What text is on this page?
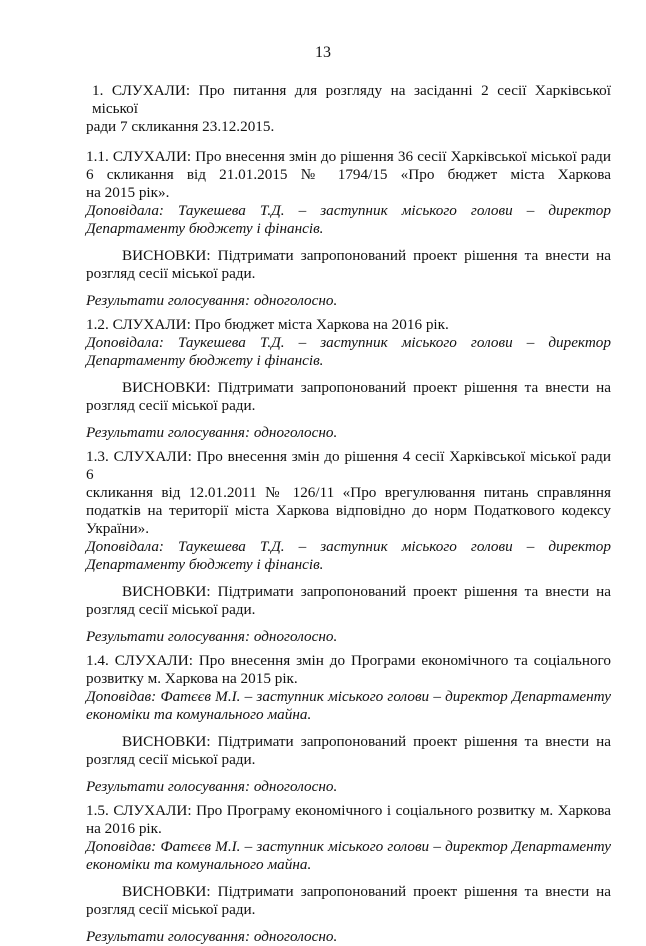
13
1. СЛУХАЛИ: Про питання для розгляду на засіданні 2 сесії Харківської міської
ради 7 скликання 23.12.2015.
1.1. СЛУХАЛИ: Про внесення змін до рішення 36 сесії Харківської міської ради
6 скликання від 21.01.2015 № 1794/15 «Про бюджет міста Харкова
на 2015 рік».
Доповідала: Таукешева Т.Д. – заступник міського голови – директор
Департаменту бюджету і фінансів.
ВИСНОВКИ: Підтримати запропонований проект рішення та внести на
розгляд сесії міської ради.
Результати голосування: одноголосно.
1.2. СЛУХАЛИ: Про бюджет міста Харкова на 2016 рік.
Доповідала: Таукешева Т.Д. – заступник міського голови – директор
Департаменту бюджету і фінансів.
ВИСНОВКИ: Підтримати запропонований проект рішення та внести на
розгляд сесії міської ради.
Результати голосування: одноголосно.
1.3. СЛУХАЛИ: Про внесення змін до рішення 4 сесії Харківської міської ради 6
скликання від 12.01.2011 № 126/11 «Про врегулювання питань справляння
податків на території міста Харкова відповідно до норм Податкового кодексу
України».
Доповідала: Таукешева Т.Д. – заступник міського голови – директор
Департаменту бюджету і фінансів.
ВИСНОВКИ: Підтримати запропонований проект рішення та внести на
розгляд сесії міської ради.
Результати голосування: одноголосно.
1.4. СЛУХАЛИ: Про внесення змін до Програми економічного та соціального
розвитку м. Харкова на 2015 рік.
Доповідав: Фатєєв М.І. – заступник міського голови – директор Департаменту
економіки та комунального майна.
ВИСНОВКИ: Підтримати запропонований проект рішення та внести на
розгляд сесії міської ради.
Результати голосування: одноголосно.
1.5. СЛУХАЛИ: Про Програму економічного і соціального розвитку м. Харкова
на 2016 рік.
Доповідав: Фатєєв М.І. – заступник міського голови – директор Департаменту
економіки та комунального майна.
ВИСНОВКИ: Підтримати запропонований проект рішення та внести на
розгляд сесії міської ради.
Результати голосування: одноголосно.
